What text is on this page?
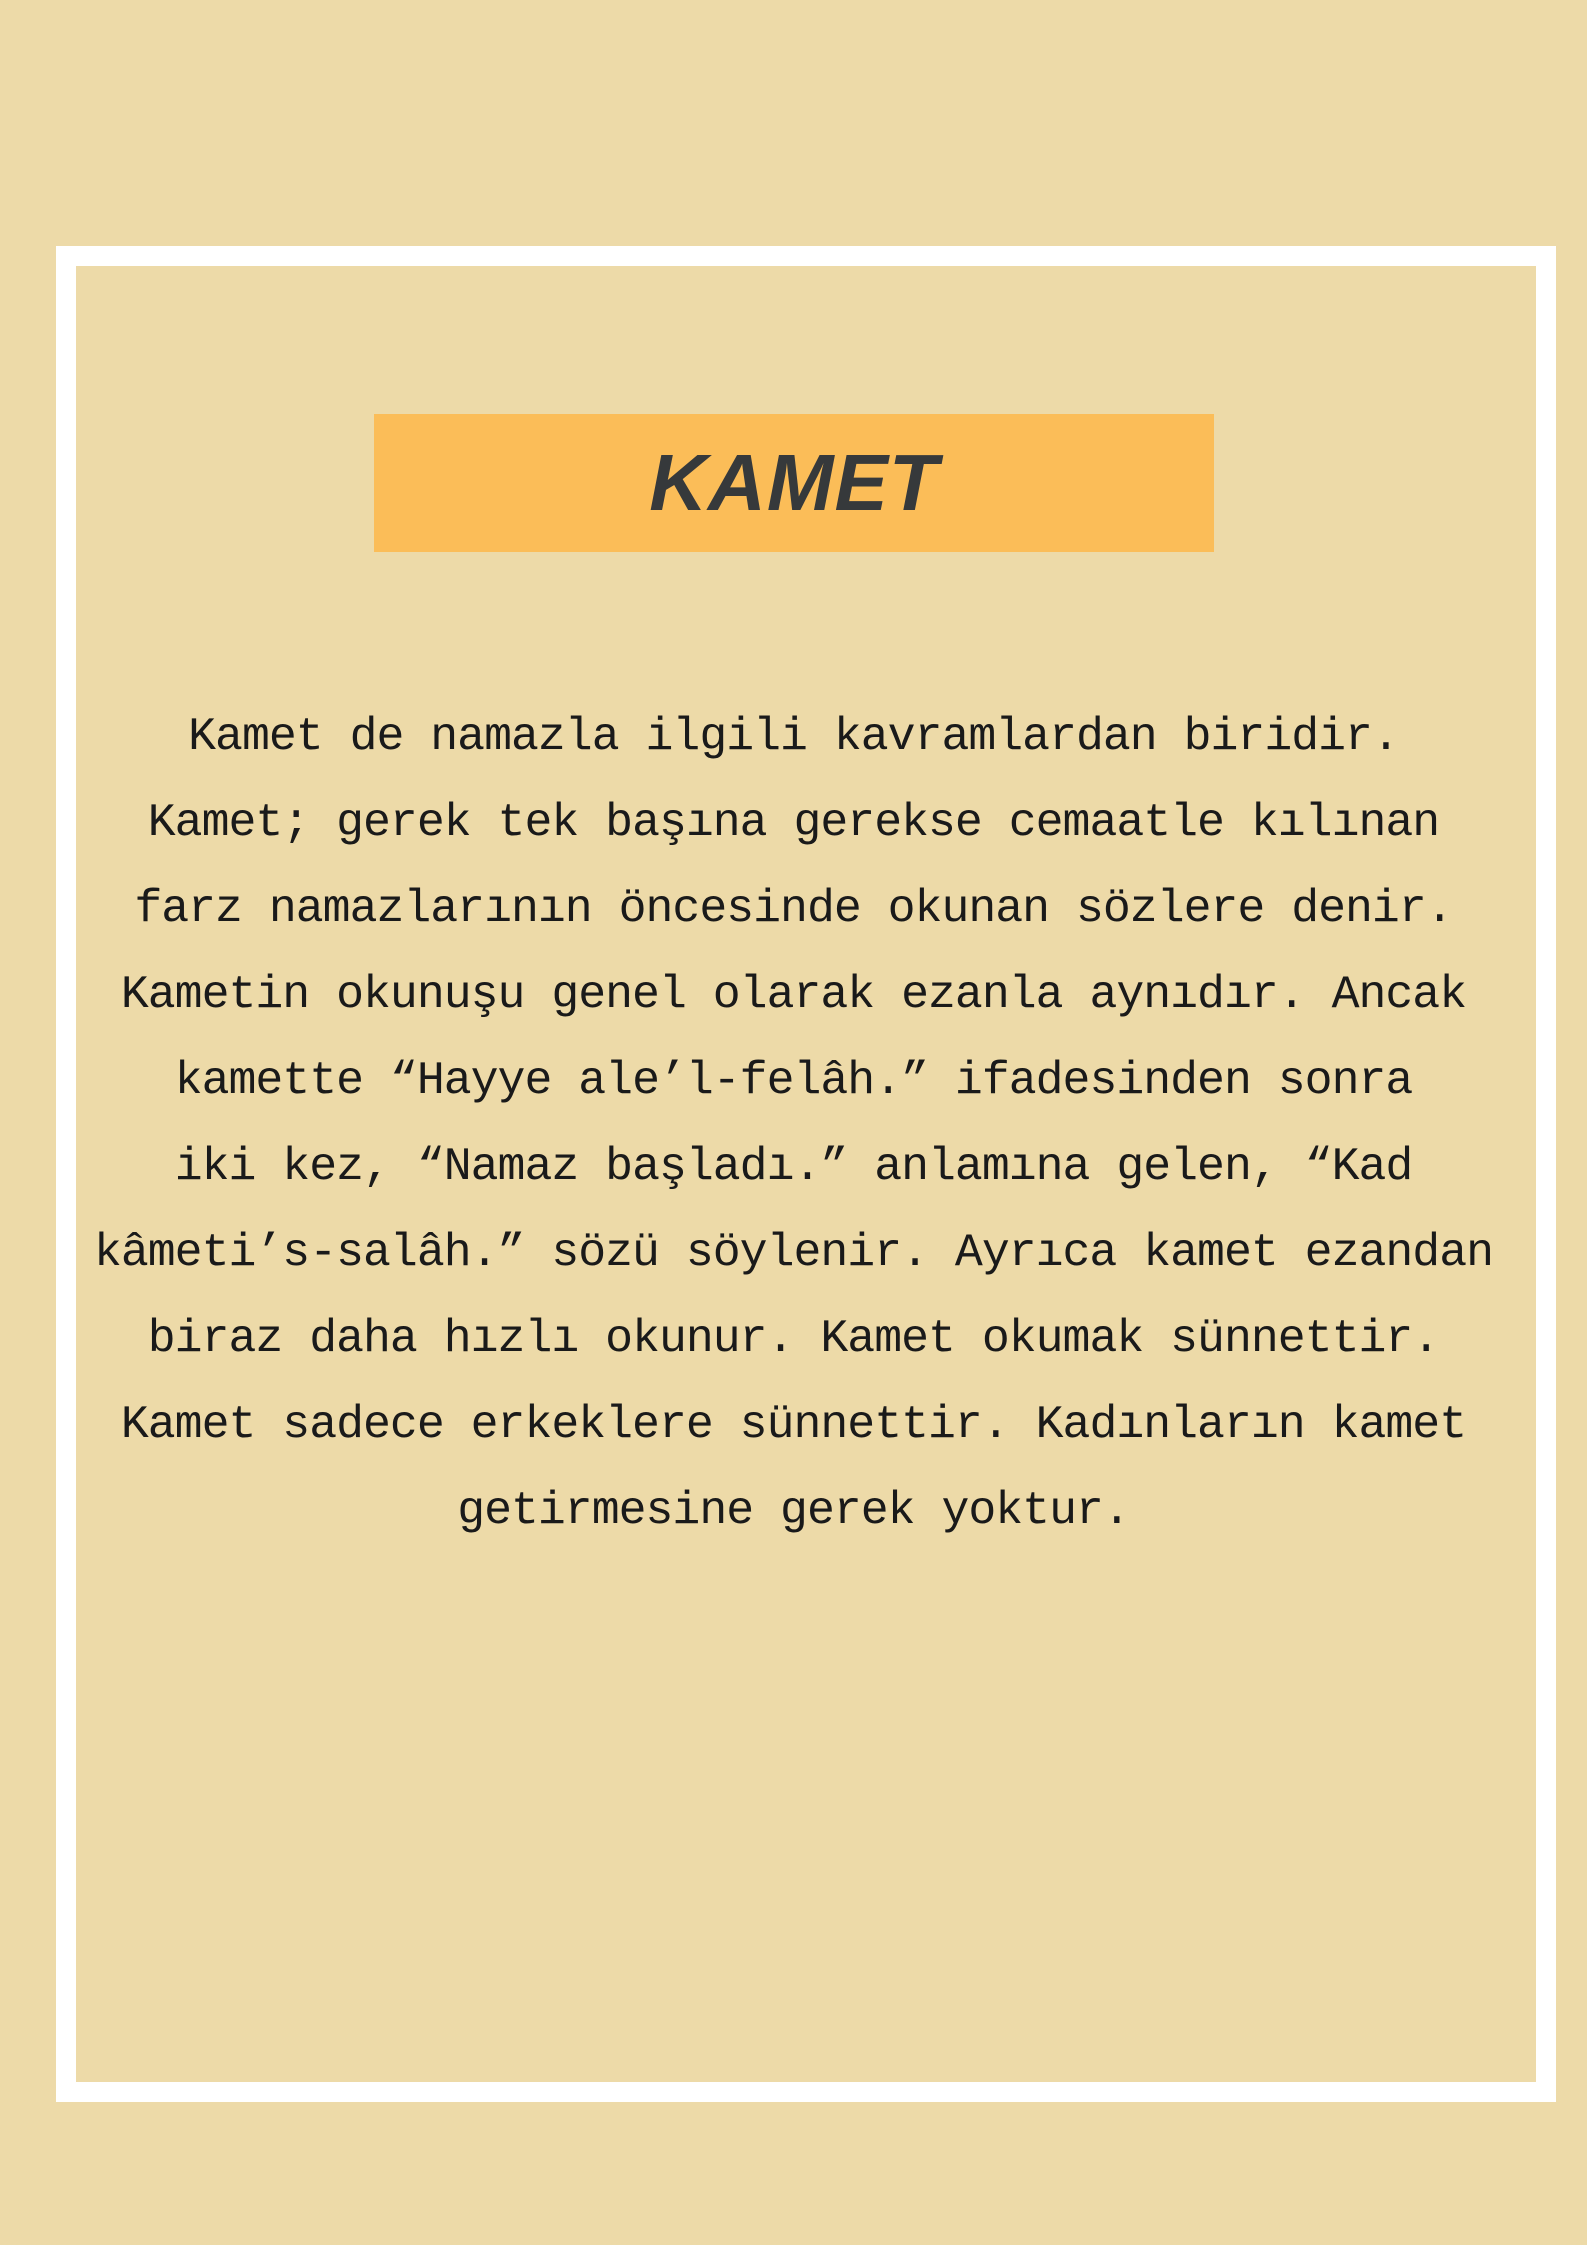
KAMET
Kamet de namazla ilgili kavramlardan biridir.
Kamet; gerek tek başına gerekse cemaatle kılınan
farz namazlarının öncesinde okunan sözlere denir.
Kametin okunuşu genel olarak ezanla aynıdır. Ancak
kamette “Hayye ale’l-felâh.” ifadesinden sonra
iki kez, “Namaz başladı.” anlamına gelen, “Kad
kâmeti’s-salâh.” sözü söylenir. Ayrıca kamet ezandan
biraz daha hızlı okunur. Kamet okumak sünnettir.
Kamet sadece erkeklere sünnettir. Kadınların kamet
getirmesine gerek yoktur.
